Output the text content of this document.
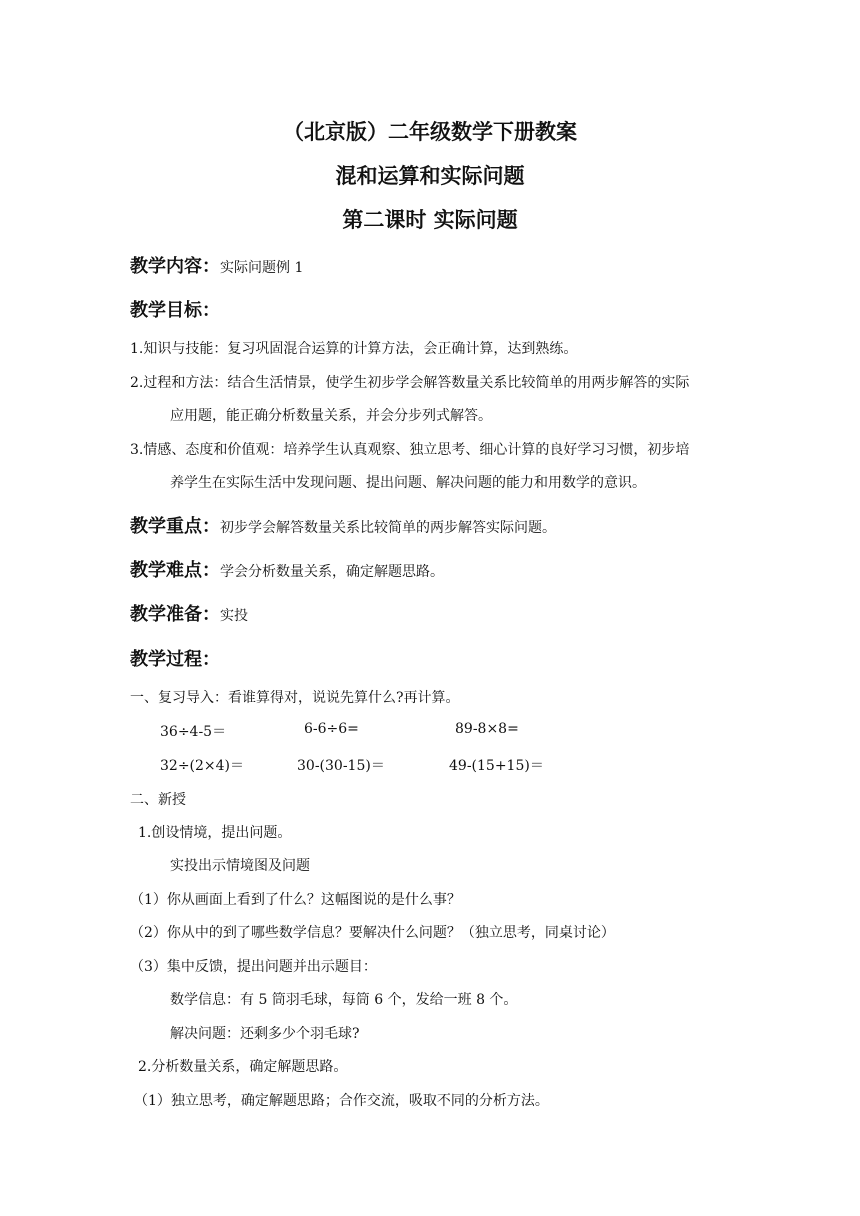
（北京版）二年级数学下册教案
混和运算和实际问题
第二课时 实际问题
教学内容：实际问题例 1
教学目标：
1.知识与技能：复习巩固混合运算的计算方法，会正确计算，达到熟练。
2.过程和方法：结合生活情景，使学生初步学会解答数量关系比较简单的用两步解答的实际
应用题，能正确分析数量关系，并会分步列式解答。
3.情感、态度和价值观：培养学生认真观察、独立思考、细心计算的良好学习习惯，初步培
养学生在实际生活中发现问题、提出问题、解决问题的能力和用数学的意识。
教学重点：初步学会解答数量关系比较简单的两步解答实际问题。
教学难点：学会分析数量关系，确定解题思路。
教学准备：实投
教学过程：
一、复习导入：看谁算得对，说说先算什么?再计算。
36÷4-5＝	6-6÷6=	89-8×8=
32÷(2×4)＝	30-(30-15)＝	49-(15+15)＝
二、新授
1.创设情境，提出问题。
实投出示情境图及问题
（1）你从画面上看到了什么？这幅图说的是什么事？
（2）你从中的到了哪些数学信息？要解决什么问题？（独立思考，同桌讨论）
（3）集中反馈，提出问题并出示题目：
数学信息：有 5 筒羽毛球，每筒 6 个，发给一班 8 个。
解决问题：还剩多少个羽毛球?
2.分析数量关系，确定解题思路。
（1）独立思考，确定解题思路；合作交流，吸取不同的分析方法。
